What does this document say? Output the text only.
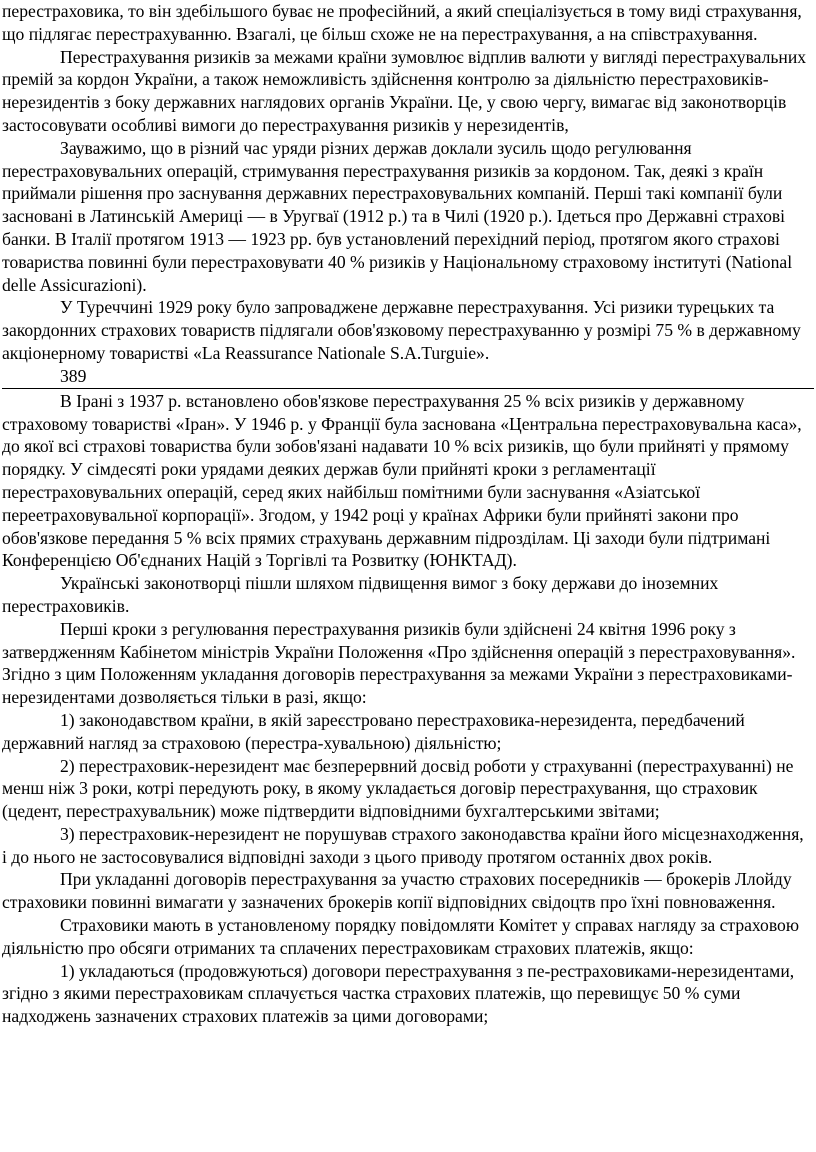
перестраховика, то він здебільшого буває не професійний, а який спеціалізується в тому виді страхування, що підлягає перестрахуванню. Взагалі, це більш схоже не на перестрахування, а на співстрахування.

Перестрахування ризиків за межами країни зумовлює відплив валюти у вигляді перестрахувальних премій за кордон України, а також неможливість здійснення контролю за діяльністю перестраховиків-нерезидентів з боку державних наглядових органів України. Це, у свою чергу, вимагає від законотворців застосовувати особливі вимоги до перестрахування ризиків у нерезидентів,

Зауважимо, що в різний час уряди різних держав доклали зусиль щодо регулювання перестраховувальних операцій, стримування перестрахування ризиків за кордоном. Так, деякі з країн приймали рішення про заснування державних перестраховувальних компаній. Перші такі компанії були засновані в Латинській Америці — в Уругваї (1912 р.) та в Чилі (1920 р.). Ідеться про Державні страхові банки. В Італії протягом 1913 — 1923 рр. був установлений перехідний період, протягом якого страхові товариства повинні були перестраховувати 40 % ризиків у Національному страховому інституті (National delle Assicurazioni).

У Туреччині 1929 року було запроваджене державне перестрахування. Усі ризики турецьких та закордонних страхових товариств підлягали обов'язковому перестрахуванню у розмірі 75 % в державному акціонерному товаристві «La Reassurance Nationale S.A.Turguie».

389

В Ірані з 1937 р. встановлено обов'язкове перестрахування 25 % всіх ризиків у державному страховому товаристві «Іран». У 1946 р. у Франції була заснована «Центральна перестраховувальна каса», до якої всі страхові товариства були зобов'язані надавати 10 % всіх ризиків, що були прийняті у прямому порядку. У сімдесяті роки урядами деяких держав були прийняті кроки з регламентації перестраховувальних операцій, серед яких найбільш помітними були заснування «Азіатської переетраховувальної корпорації». Згодом, у 1942 році у країнах Африки були прийняті закони про обов'язкове передання 5 % всіх прямих страхувань державним підрозділам. Ці заходи були підтримані Конференцією Об'єднаних Націй з Торгівлі та Розвитку (ЮНКТАД).

Українські законотворці пішли шляхом підвищення вимог з боку держави до іноземних перестраховиків.

Перші кроки з регулювання перестрахування ризиків були здійснені 24 квітня 1996 року з затвердженням Кабінетом міністрів України Положення «Про здійснення операцій з перестраховування». Згідно з цим Положенням укладання договорів перестрахування за межами України з перестраховиками-нерезидентами дозволяється тільки в разі, якщо:

1) законодавством країни, в якій зареєстровано перестраховика-нерезидента, передбачений державний нагляд за страховою (перестра-хувальною) діяльністю;

2) перестраховик-нерезидент має безперервний досвід роботи у страхуванні (перестрахуванні) не менш ніж 3 роки, котрі передують року, в якому укладається договір перестрахування, що страховик (цедент, перестрахувальник) може підтвердити відповідними бухгалтерськими звітами;

3) перестраховик-нерезидент не порушував страхого законодавства країни його місцезнаходження, і до нього не застосовувалися відповідні заходи з цього приводу протягом останніх двох років.

При укладанні договорів перестрахування за участю страхових посередників — брокерів Ллойду страховики повинні вимагати у зазначених брокерів копії відповідних свідоцтв про їхні повноваження.

Страховики мають в установленому порядку повідомляти Комітет у справах нагляду за страховою діяльністю про обсяги отриманих та сплачених перестраховикам страхових платежів, якщо:

1) укладаються (продовжуються) договори перестрахування з пе-рестраховиками-нерезидентами, згідно з якими перестраховикам сплачується частка страхових платежів, що перевищує 50 % суми надходжень зазначених страхових платежів за цими договорами;
